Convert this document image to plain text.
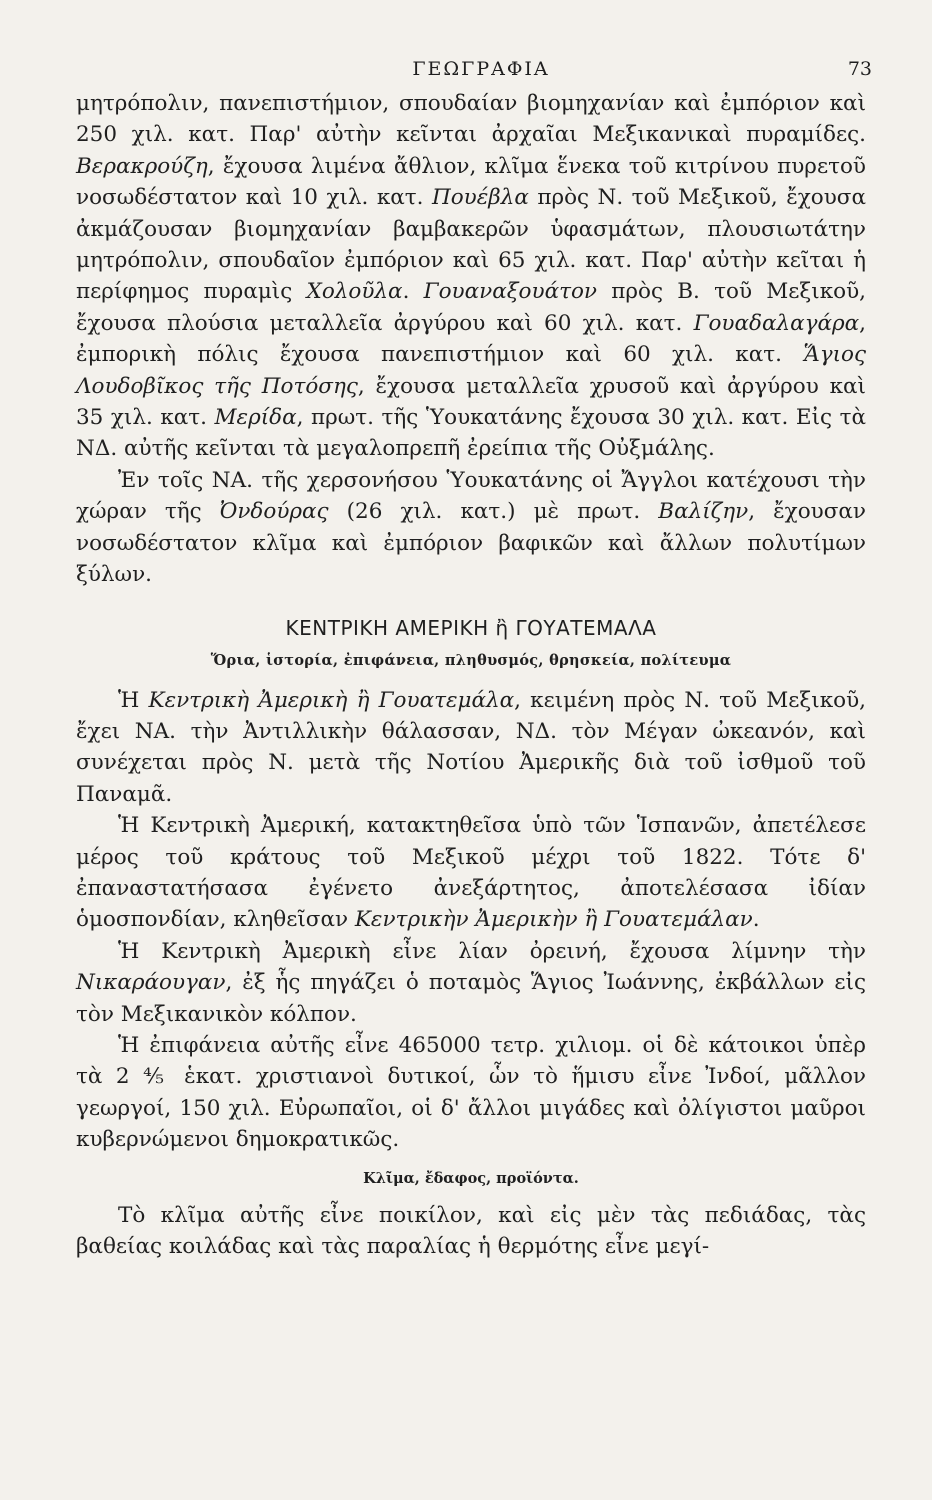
ΓΕΩΓΡΑΦΙΑ	73

μητρόπολιν, πανεπιστήμιον, σπουδαίαν βιομηχανίαν καὶ ἐμπόριον καὶ 250 χιλ. κατ. Παρ' αὐτὴν κεῖνται ἀρχαῖαι Μεξικανικαὶ πυραμίδες. Βερακρούζη, ἔχουσα λιμένα ἄθλιον, κλῖμα ἕνεκα τοῦ κιτρίνου πυρετοῦ νοσωδέστατον καὶ 10 χιλ. κατ. Πουέβλα πρὸς Ν. τοῦ Μεξικοῦ, ἔχουσα ἀκμάζουσαν βιομηχανίαν βαμβακερῶν ὑφασμάτων, πλουσιωτάτην μητρόπολιν, σπουδαῖον ἐμπόριον καὶ 65 χιλ. κατ. Παρ' αὐτὴν κεῖται ἡ περίφημος πυραμὶς Χολοῦλα. Γουαναξουάτον πρὸς Β. τοῦ Μεξικοῦ, ἔχουσα πλούσια μεταλλεῖα ἀργύρου καὶ 60 χιλ. κατ. Γουαδαλαγάρα, ἐμπορικὴ πόλις ἔχουσα πανεπιστήμιον καὶ 60 χιλ. κατ. Ἅγιος Λουδοβῖκος τῆς Ποτόσης, ἔχουσα μεταλλεῖα χρυσοῦ καὶ ἀργύρου καὶ 35 χιλ. κατ. Μερίδα, πρωτ. τῆς Ὑουκατάνης ἔχουσα 30 χιλ. κατ. Εἰς τὰ ΝΔ. αὐτῆς κεῖνται τὰ μεγαλοπρεπῆ ἐρείπια τῆς Οὐξμάλης.

Ἐν τοῖς ΝΑ. τῆς χερσονήσου Ὑουκατάνης οἱ Ἄγγλοι κατέχουσι τὴν χώραν τῆς Ὀνδούρας (26 χιλ. κατ.) μὲ πρωτ. Βαλίζην, ἔχουσαν νοσωδέστατον κλῖμα καὶ ἐμπόριον βαφικῶν καὶ ἄλλων πολυτίμων ξύλων.

ΚΕΝΤΡΙΚΗ ΑΜΕΡΙΚΗ ἢ ΓΟΥΑΤΕΜΑΛΑ
Ὅρια, ἱστορία, ἐπιφάνεια, πληθυσμός, θρησκεία, πολίτευμα

Ἡ Κεντρικὴ Ἀμερικὴ ἢ Γουατεμάλα, κειμένη πρὸς Ν. τοῦ Μεξικοῦ, ἔχει ΝΑ. τὴν Ἀντιλλικὴν θάλασσαν, ΝΔ. τὸν Μέγαν ὠκεανόν, καὶ συνέχεται πρὸς Ν. μετὰ τῆς Νοτίου Ἀμερικῆς διὰ τοῦ ἰσθμοῦ τοῦ Παναμᾶ.

Ἡ Κεντρικὴ Ἀμερική, κατακτηθεῖσα ὑπὸ τῶν Ἱσπανῶν, ἀπετέλεσε μέρος τοῦ κράτους τοῦ Μεξικοῦ μέχρι τοῦ 1822. Τότε δ' ἐπαναστατήσασα ἐγένετο ἀνεξάρτητος, ἀποτελέσασα ἰδίαν ὁμοσπονδίαν, κληθεῖσαν Κεντρικὴν Ἀμερικὴν ἢ Γουατεμάλαν.

Ἡ Κεντρικὴ Ἀμερικὴ εἶνε λίαν ὀρεινή, ἔχουσα λίμνην τὴν Νικαράουγαν, ἐξ ἧς πηγάζει ὁ ποταμὸς Ἅγιος Ἰωάννης, ἐκβάλλων εἰς τὸν Μεξικανικὸν κόλπον.

Ἡ ἐπιφάνεια αὐτῆς εἶνε 465000 τετρ. χιλιομ. οἱ δὲ κάτοικοι ὑπὲρ τὰ 2 ⅘ ἑκατ. χριστιανοὶ δυτικοί, ὧν τὸ ἥμισυ εἶνε Ἰνδοί, μᾶλλον γεωργοί, 150 χιλ. Εὐρωπαῖοι, οἱ δ' ἄλλοι μιγάδες καὶ ὀλίγιστοι μαῦροι κυβερνώμενοι δημοκρατικῶς.

Κλῖμα, ἔδαφος, προϊόντα.

Τὸ κλῖμα αὐτῆς εἶνε ποικίλον, καὶ εἰς μὲν τὰς πεδιάδας, τὰς βαθείας κοιλάδας καὶ τὰς παραλίας ἡ θερμότης εἶνε μεγί-
